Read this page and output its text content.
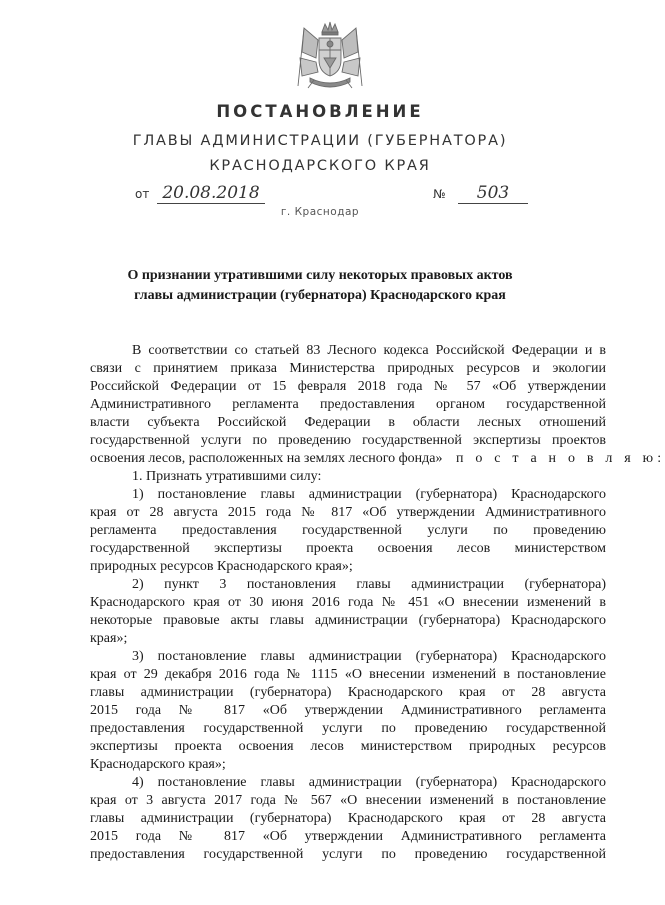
ПОСТАНОВЛЕНИЕ
ГЛАВЫ АДМИНИСТРАЦИИ (ГУБЕРНАТОРА)
КРАСНОДАРСКОГО КРАЯ
от 20.08.2018	№	503
г. Краснодар
О признании утратившими силу некоторых правовых актов
главы администрации (губернатора) Краснодарского края
В соответствии со статьей 83 Лесного кодекса Российской Федерации и в
связи с принятием приказа Министерства природных ресурсов и экологии
Российской Федерации от 15 февраля 2018 года № 57 «Об утверждении
Административного регламента предоставления органом государственной
власти субъекта Российской Федерации в области лесных отношений
государственной услуги по проведению государственной экспертизы проектов
освоения лесов, расположенных на землях лесного фонда» п о с т а н о в л я ю:
1. Признать утратившими силу:
1) постановление главы администрации (губернатора) Краснодарского
края от 28 августа 2015 года № 817 «Об утверждении Административного
регламента предоставления государственной услуги по проведению
государственной экспертизы проекта освоения лесов министерством
природных ресурсов Краснодарского края»;
2) пункт 3 постановления главы администрации (губернатора)
Краснодарского края от 30 июня 2016 года № 451 «О внесении изменений в
некоторые правовые акты главы администрации (губернатора) Краснодарского
края»;
3) постановление главы администрации (губернатора) Краснодарского
края от 29 декабря 2016 года № 1115 «О внесении изменений в постановление
главы администрации (губернатора) Краснодарского края от 28 августа
2015 года № 817 «Об утверждении Административного регламента
предоставления государственной услуги по проведению государственной
экспертизы проекта освоения лесов министерством природных ресурсов
Краснодарского края»;
4) постановление главы администрации (губернатора) Краснодарского
края от 3 августа 2017 года № 567 «О внесении изменений в постановление
главы администрации (губернатора) Краснодарского края от 28 августа
2015 года № 817 «Об утверждении Административного регламента
предоставления государственной услуги по проведению государственной
